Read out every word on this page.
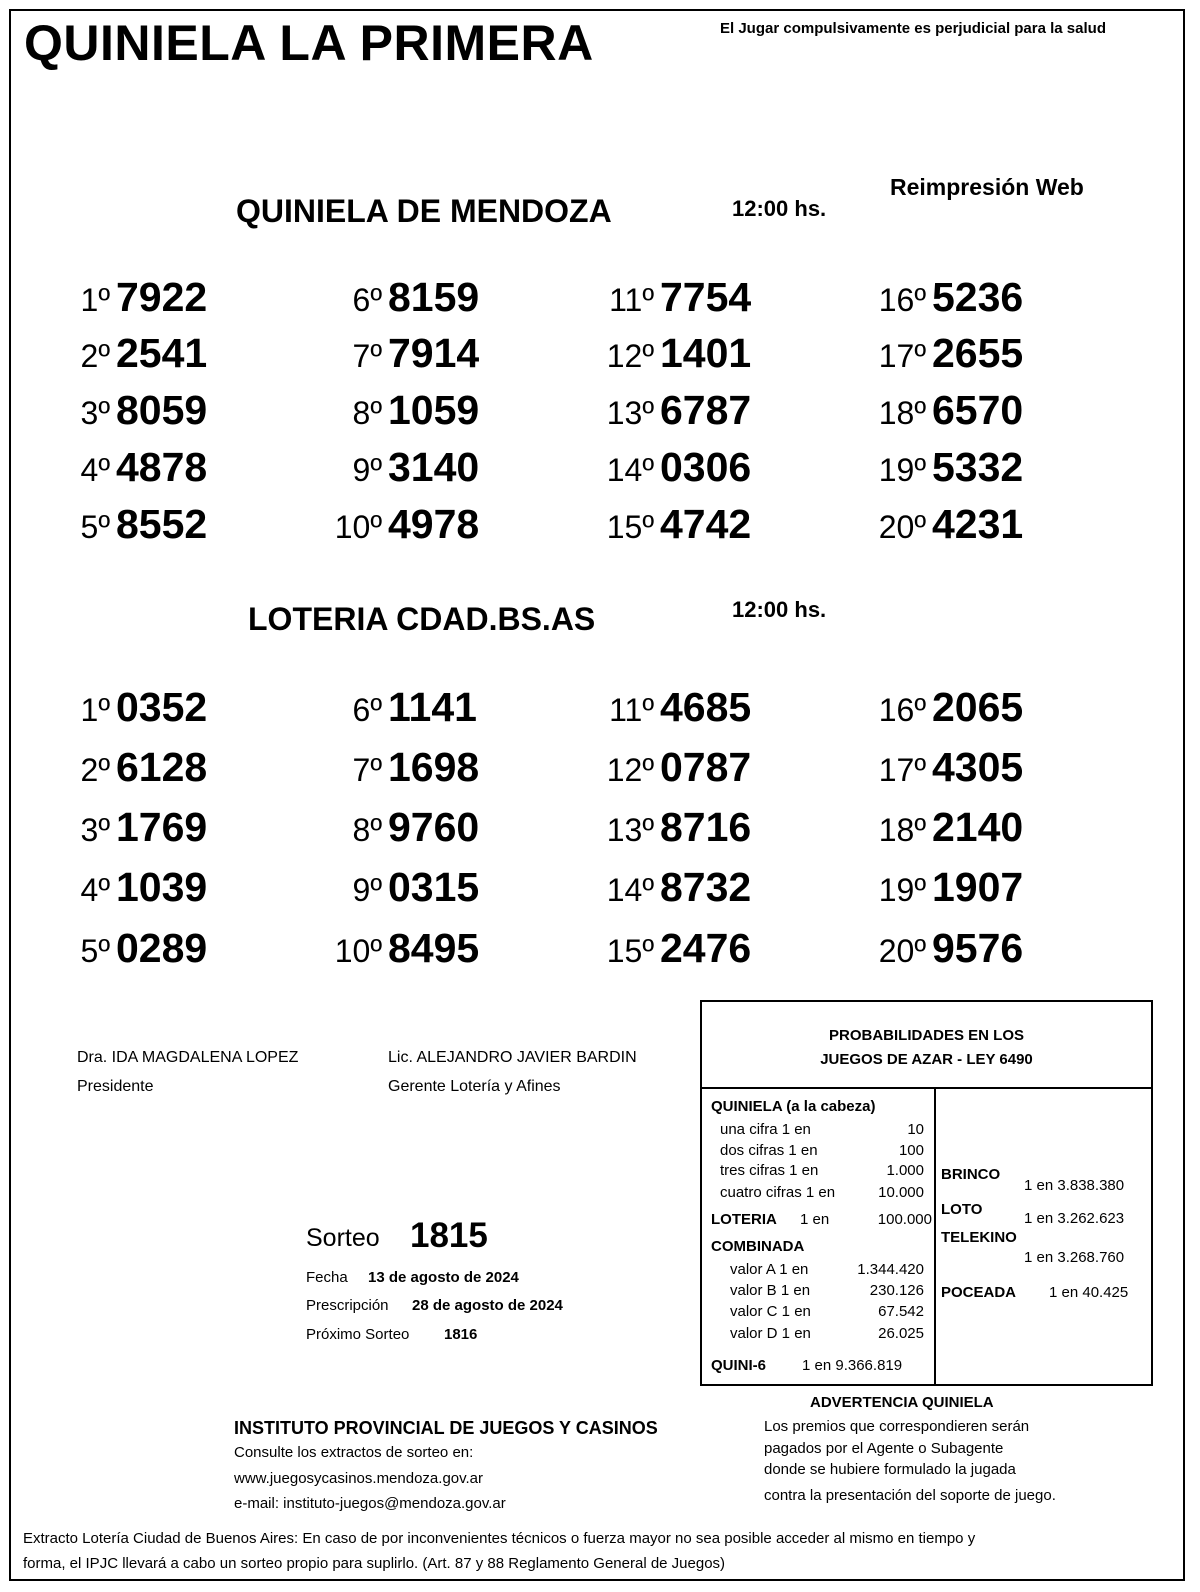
QUINIELA LA PRIMERA	El Jugar compulsivamente es perjudicial para la salud
Reimpresión Web
QUINIELA DE MENDOZA	12:00 hs.
1º 7922
2º 2541
3º 8059
4º 4878
5º 8552
6º 8159
7º 7914
8º 1059
9º 3140
10º 4978
11º 7754
12º 1401
13º 6787
14º 0306
15º 4742
16º 5236
17º 2655
18º 6570
19º 5332
20º 4231
LOTERIA CDAD.BS.AS	12:00 hs.
1º 0352
2º 6128
3º 1769
4º 1039
5º 0289
6º 1141
7º 1698
8º 9760
9º 0315
10º 8495
11º 4685
12º 0787
13º 8716
14º 8732
15º 2476
16º 2065
17º 4305
18º 2140
19º 1907
20º 9576
Dra. IDA MAGDALENA LOPEZ
Presidente
Lic. ALEJANDRO JAVIER BARDIN
Gerente Lotería y Afines
Sorteo 1815
Fecha 13 de agosto de 2024
Prescripción 28 de agosto de 2024
Próximo Sorteo 1816
PROBABILIDADES EN LOS
JUEGOS DE AZAR - LEY 6490
QUINIELA (a la cabeza)
una cifra 1 en	10
dos cifras 1 en	100
tres cifras 1 en	1.000
cuatro cifras 1 en	10.000
LOTERIA 1 en	100.000
COMBINADA
valor A 1 en	1.344.420
valor B 1 en	230.126
valor C 1 en	67.542
valor D 1 en	26.025
QUINI-6 1 en 9.366.819
BRINCO
1 en 3.838.380
LOTO
1 en 3.262.623
TELEKINO
1 en 3.268.760
POCEADA 1 en 40.425
ADVERTENCIA QUINIELA
Los premios que correspondieren serán
pagados por el Agente o Subagente
donde se hubiere formulado la jugada
contra la presentación del soporte de juego.
INSTITUTO PROVINCIAL DE JUEGOS Y CASINOS
Consulte los extractos de sorteo en:
www.juegosycasinos.mendoza.gov.ar
e-mail: instituto-juegos@mendoza.gov.ar
Extracto Lotería Ciudad de Buenos Aires: En caso de por inconvenientes técnicos o fuerza mayor no sea posible acceder al mismo en tiempo y
forma, el IPJC llevará a cabo un sorteo propio para suplirlo. (Art. 87 y 88 Reglamento General de Juegos)
